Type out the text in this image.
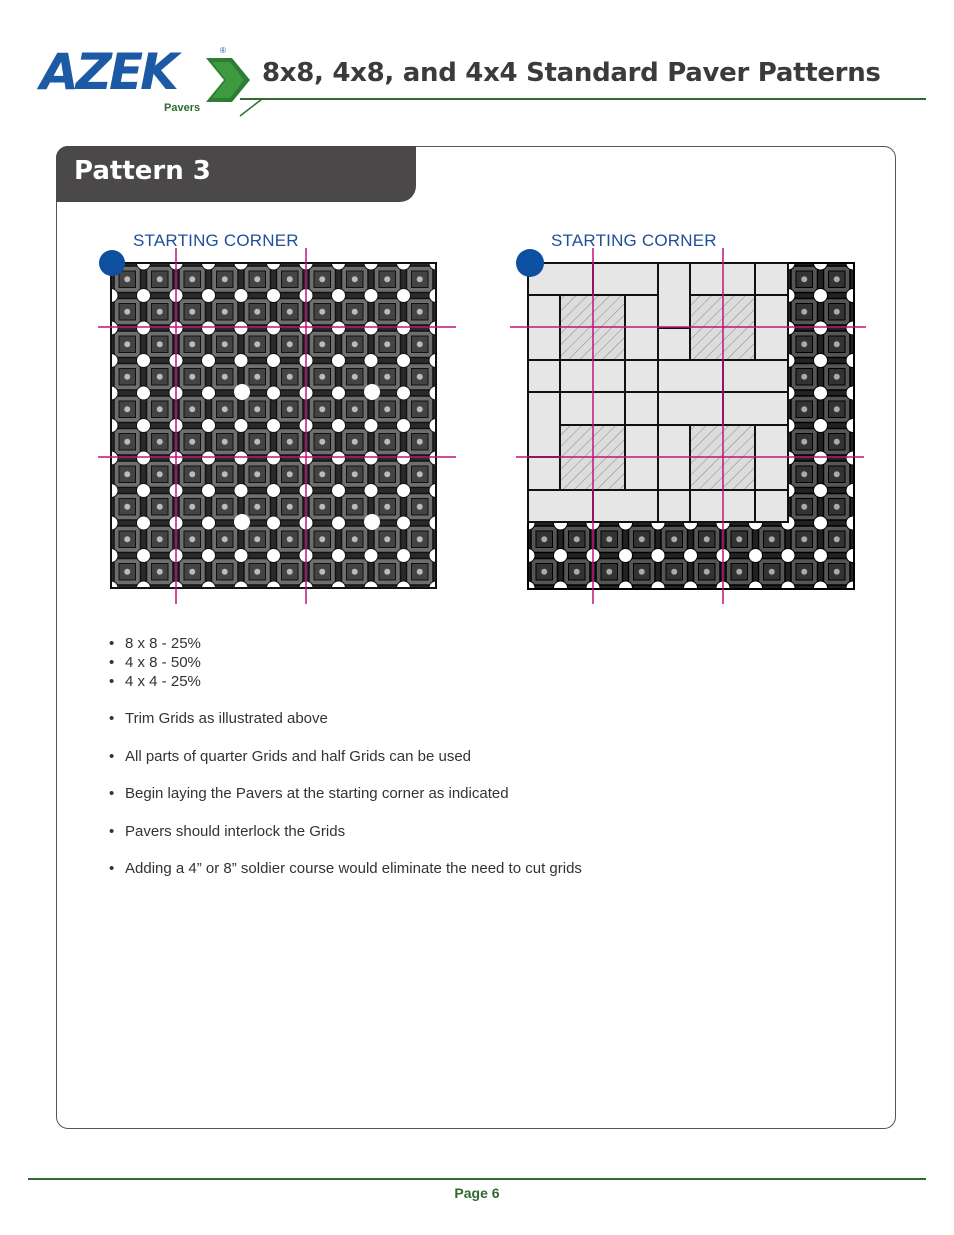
AZEK	®
Pavers
8x8, 4x8, and 4x4 Standard Paver Patterns
Pattern 3
STARTING CORNER	STARTING CORNER
• 8 x 8 - 25%
• 4 x 8 - 50%
• 4 x 4 - 25%
• Trim Grids as illustrated above
• All parts of quarter Grids and half Grids can be used
• Begin laying the Pavers at the starting corner as indicated
• Pavers should interlock the Grids
• Adding a 4” or 8” soldier course would eliminate the need to cut grids
Page 6
